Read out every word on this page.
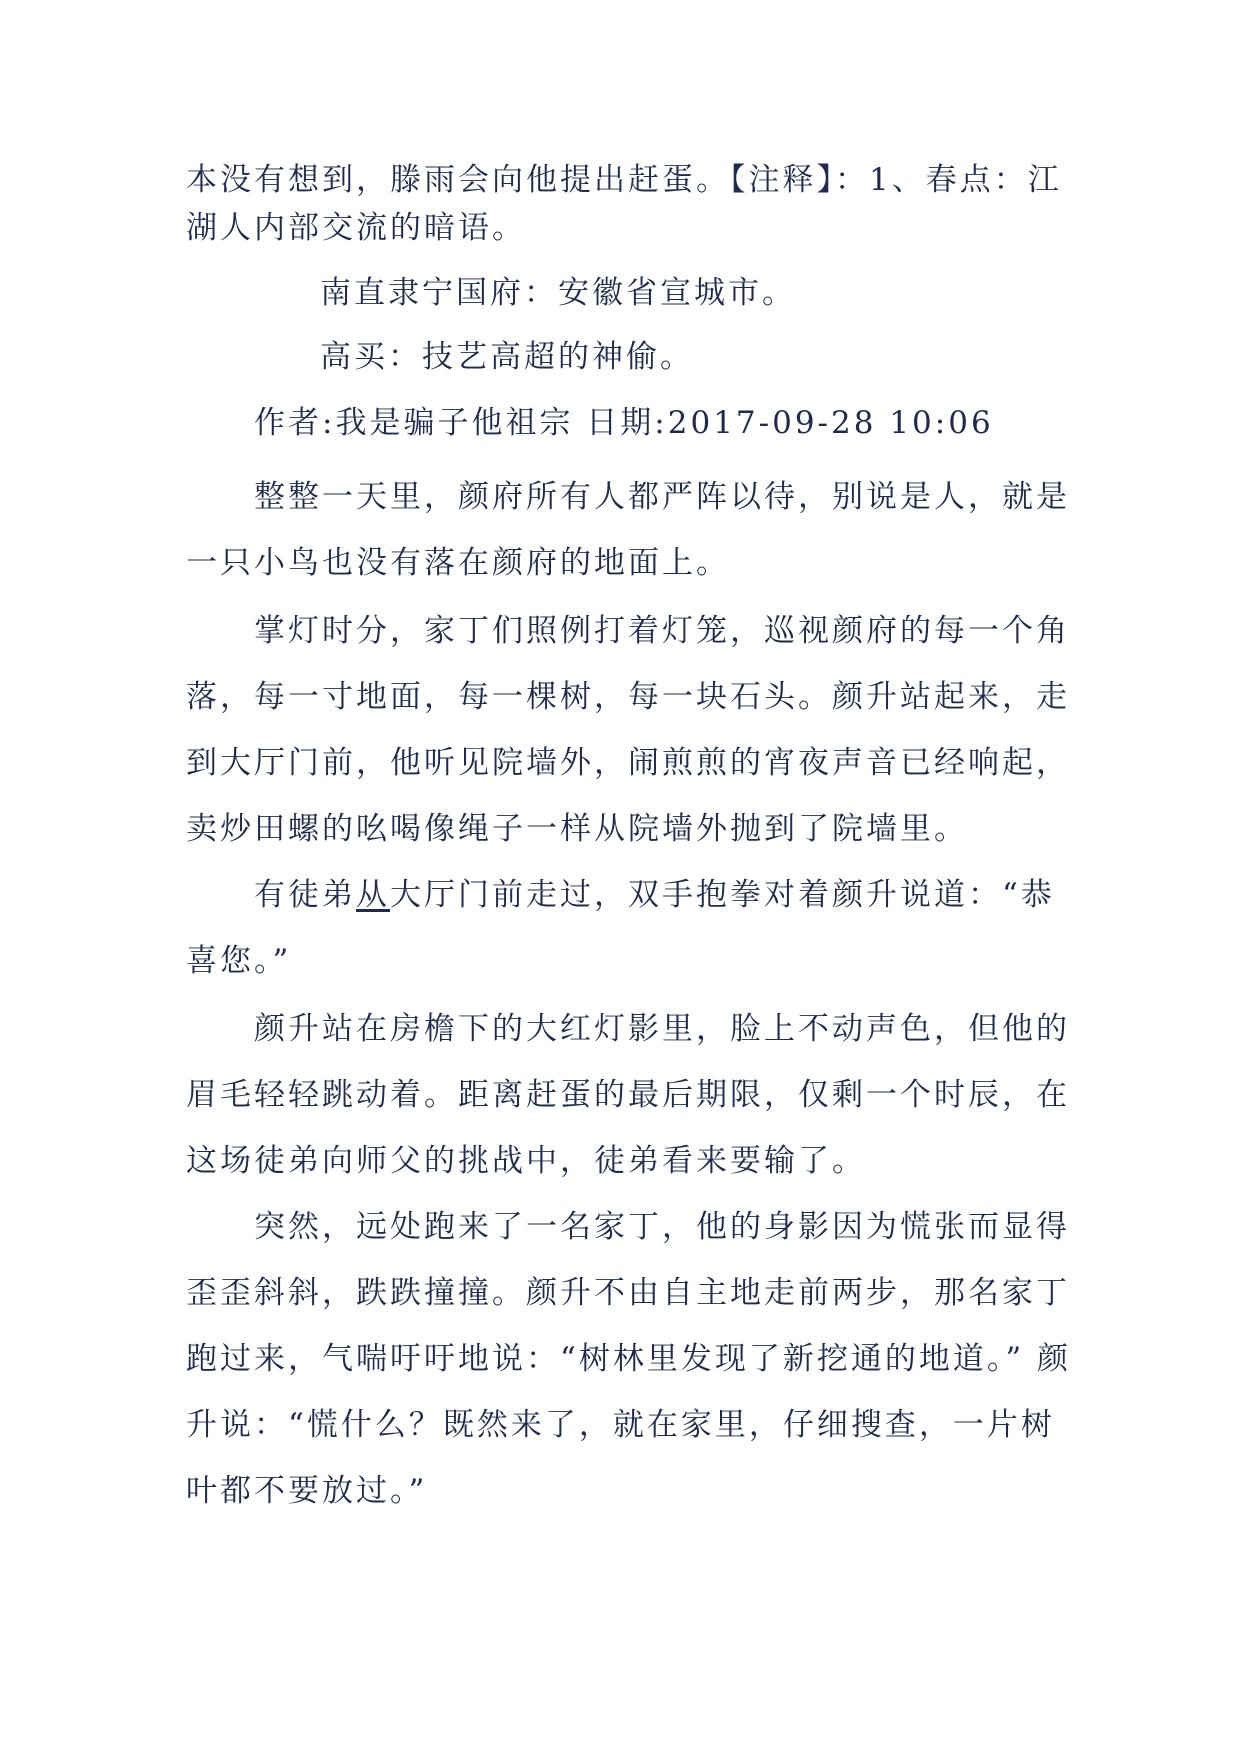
本没有想到，滕雨会向他提出赶蛋。【注释】：1、春点：江湖人内部交流的暗语。
南直隶宁国府：安徽省宣城市。
高买：技艺高超的神偷。
作者:我是骗子他祖宗 日期:2017-09-28 10:06
整整一天里，颜府所有人都严阵以待，别说是人，就是一只小鸟也没有落在颜府的地面上。
掌灯时分，家丁们照例打着灯笼，巡视颜府的每一个角落，每一寸地面，每一棵树，每一块石头。颜升站起来，走到大厅门前，他听见院墙外，闹煎煎的宵夜声音已经响起，卖炒田螺的吆喝像绳子一样从院墙外抛到了院墙里。
有徒弟从大厅门前走过，双手抱拳对着颜升说道：“恭喜您。”
颜升站在房檐下的大红灯影里，脸上不动声色，但他的眉毛轻轻跳动着。距离赶蛋的最后期限，仅剩一个时辰，在这场徒弟向师父的挑战中，徒弟看来要输了。
突然，远处跑来了一名家丁，他的身影因为慌张而显得歪歪斜斜，跌跌撞撞。颜升不由自主地走前两步，那名家丁跑过来，气喘吁吁地说：“树林里发现了新挖通的地道。” 颜升说：“慌什么？既然来了，就在家里，仔细搜查，一片树叶都不要放过。”
